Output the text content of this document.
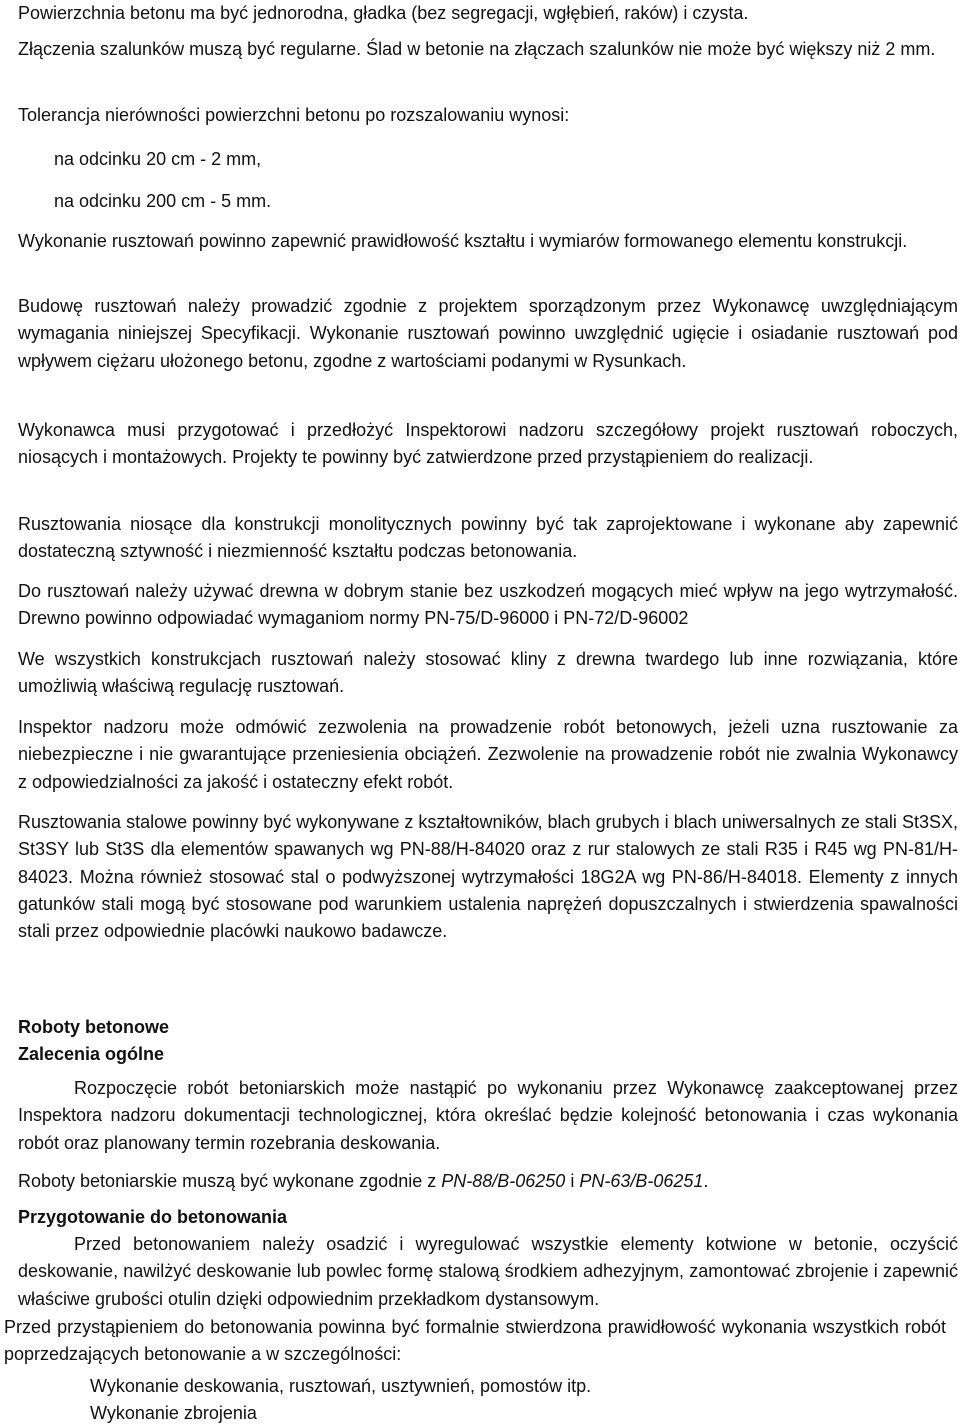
Powierzchnia betonu ma być jednorodna, gładka (bez segregacji, wgłębień, raków) i czysta.

Złączenia szalunków muszą być regularne. Ślad w betonie na złączach szalunków nie może być większy niż 2 mm.

Tolerancja nierówności powierzchni betonu po rozszalowaniu wynosi:

na odcinku 20 cm - 2 mm,

na odcinku 200 cm - 5 mm.

Wykonanie rusztowań powinno zapewnić prawidłowość kształtu i wymiarów formowanego elementu konstrukcji.

Budowę rusztowań należy prowadzić zgodnie z projektem sporządzonym przez Wykonawcę uwzględniającym wymagania niniejszej Specyfikacji. Wykonanie rusztowań powinno uwzględnić ugięcie i osiadanie rusztowań pod wpływem ciężaru ułożonego betonu, zgodne z wartościami podanymi w Rysunkach.

Wykonawca musi przygotować i przedłożyć Inspektorowi nadzoru szczegółowy projekt rusztowań roboczych, niosących i montażowych. Projekty te powinny być zatwierdzone przed przystąpieniem do realizacji.

Rusztowania niosące dla konstrukcji monolitycznych powinny być tak zaprojektowane i wykonane aby zapewnić dostateczną sztywność i niezmienność kształtu podczas betonowania.

Do rusztowań należy używać drewna w dobrym stanie bez uszkodzeń mogących mieć wpływ na jego wytrzymałość. Drewno powinno odpowiadać wymaganiom normy PN-75/D-96000 i PN-72/D-96002

We wszystkich konstrukcjach rusztowań należy stosować kliny z drewna twardego lub inne rozwiązania, które umożliwią właściwą regulację rusztowań.

Inspektor nadzoru może odmówić zezwolenia na prowadzenie robót betonowych, jeżeli uzna rusztowanie za niebezpieczne i nie gwarantujące przeniesienia obciążeń. Zezwolenie na prowadzenie robót nie zwalnia Wykonawcy z odpowiedzialności za jakość i ostateczny efekt robót.

Rusztowania stalowe powinny być wykonywane z kształtowników, blach grubych i blach uniwersalnych ze stali St3SX, St3SY lub St3S dla elementów spawanych wg PN-88/H-84020 oraz z rur stalowych ze stali R35 i R45 wg PN-81/H-84023. Można również stosować stal o podwyższonej wytrzymałości 18G2A wg PN-86/H-84018. Elementy z innych gatunków stali mogą być stosowane pod warunkiem ustalenia naprężeń dopuszczalnych i stwierdzenia spawalności stali przez odpowiednie placówki naukowo badawcze.

Roboty betonowe
Zalecenia ogólne

Rozpoczęcie robót betoniarskich może nastąpić po wykonaniu przez Wykonawcę zaakceptowanej przez Inspektora nadzoru dokumentacji technologicznej, która określać będzie kolejność betonowania i czas wykonania robót oraz planowany termin rozebrania deskowania.

Roboty betoniarskie muszą być wykonane zgodnie z PN-88/B-06250 i PN-63/B-06251.

Przygotowanie do betonowania

Przed betonowaniem należy osadzić i wyregulować wszystkie elementy kotwione w betonie, oczyścić deskowanie, nawilżyć deskowanie lub powlec formę stalową środkiem adhezyjnym, zamontować zbrojenie i zapewnić właściwe grubości otulin dzięki odpowiednim przekładkom dystansowym.

Przed przystąpieniem do betonowania powinna być formalnie stwierdzona prawidłowość wykonania wszystkich robót poprzedzających betonowanie a w szczególności:

Wykonanie deskowania, rusztowań, usztywnień, pomostów itp.

Wykonanie zbrojenia
